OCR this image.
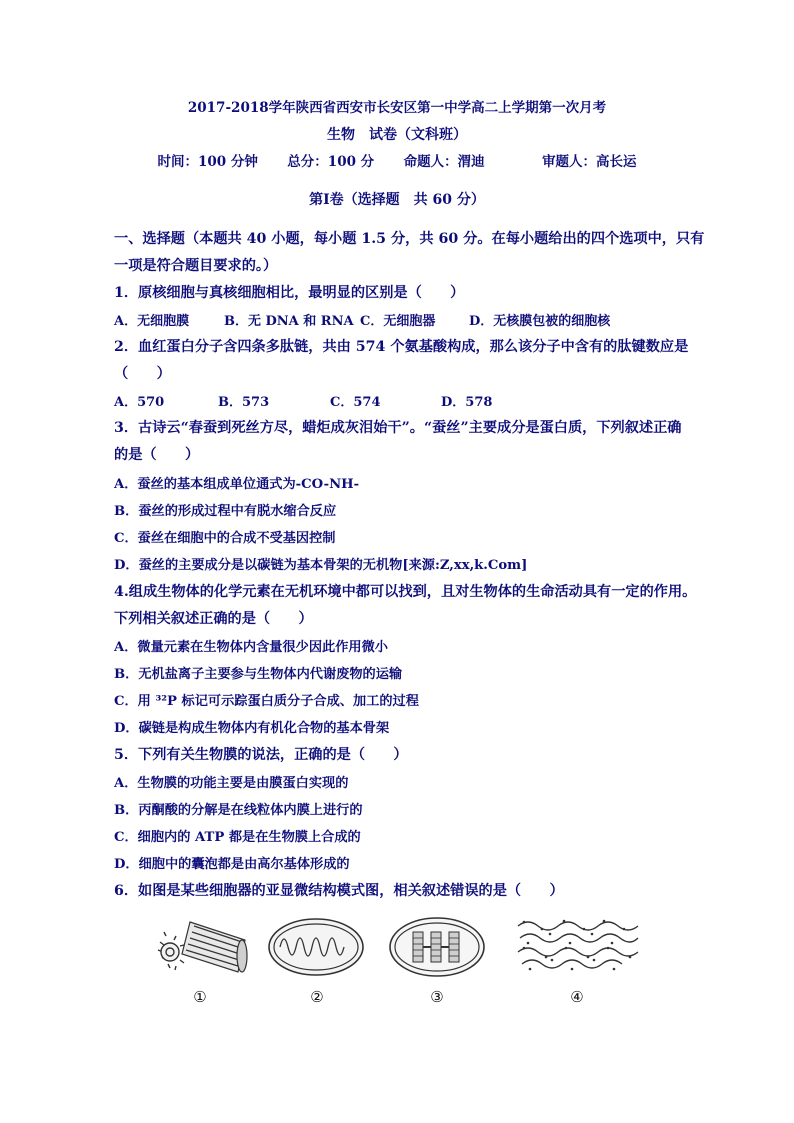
2017-2018学年陕西省西安市长安区第一中学高二上学期第一次月考
生物　试卷（文科班）
时间：100 分钟 总分：100 分 命题人：渭迪	审题人：高长运
第Ⅰ卷（选择题　共 60 分）
一、选择题（本题共 40 小题，每小题 1.5 分，共 60 分。在每小题给出的四个选项中，只有
一项是符合题目要求的。）
1．原核细胞与真核细胞相比，最明显的区别是（　　）
A．无细胞膜	B．无 DNA 和 RNA C．无细胞器	D．无核膜包被的细胞核
2．血红蛋白分子含四条多肽链，共由 574 个氨基酸构成，那么该分子中含有的肽键数应是
（　　）
A．570	B．573	C．574	D．578
3．古诗云“春蚕到死丝方尽，蜡炬成灰泪始干”。“蚕丝”主要成分是蛋白质，下列叙述正确
的是（　　）
A．蚕丝的基本组成单位通式为-CO-NH-
B．蚕丝的形成过程中有脱水缩合反应
C．蚕丝在细胞中的合成不受基因控制
D．蚕丝的主要成分是以碳链为基本骨架的无机物[来源:Z,xx,k.Com]
4.组成生物体的化学元素在无机环境中都可以找到，且对生物体的生命活动具有一定的作用。
下列相关叙述正确的是（　　）
A．微量元素在生物体内含量很少因此作用微小
B．无机盐离子主要参与生物体内代谢废物的运输
C．用 ³²P 标记可示踪蛋白质分子合成、加工的过程
D．碳链是构成生物体内有机化合物的基本骨架
5．下列有关生物膜的说法，正确的是（　　）
A．生物膜的功能主要是由膜蛋白实现的
B．丙酮酸的分解是在线粒体内膜上进行的
C．细胞内的 ATP 都是在生物膜上合成的
D．细胞中的囊泡都是由高尔基体形成的
6．如图是某些细胞器的亚显微结构模式图，相关叙述错误的是（　　）
①	②	③	④
